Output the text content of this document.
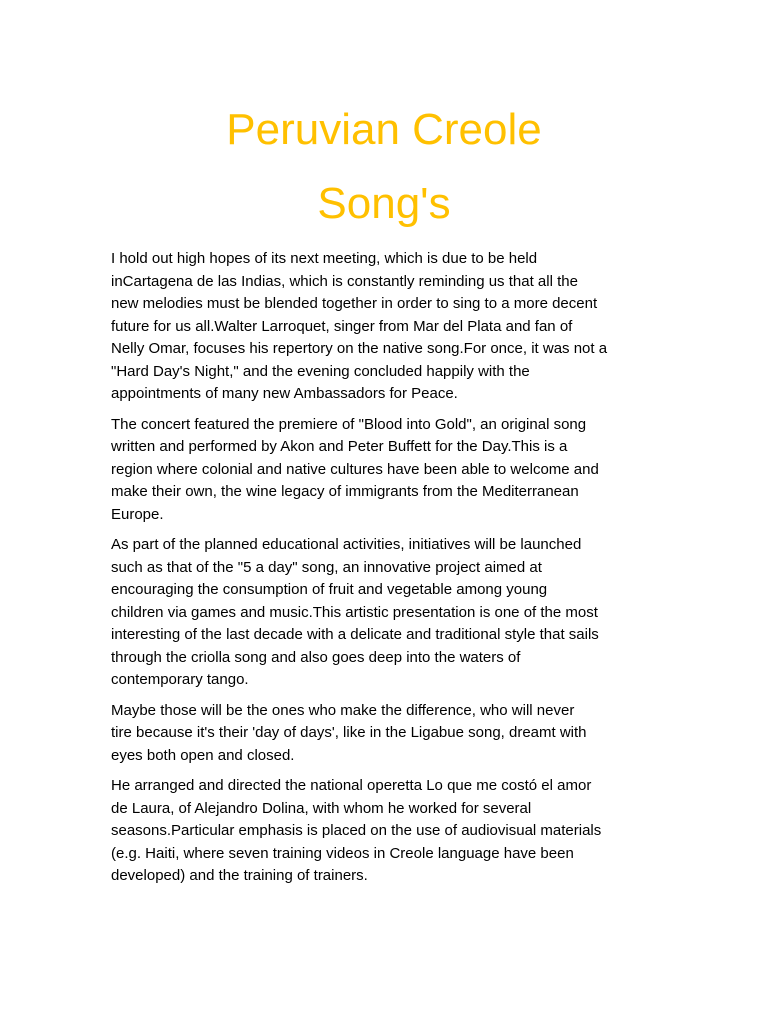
Peruvian Creole
Song's

I hold out high hopes of its next meeting, which is due to be held
inCartagena de las Indias, which is constantly reminding us that all the
new melodies must be blended together in order to sing to a more decent
future for us all.Walter Larroquet, singer from Mar del Plata and fan of
Nelly Omar, focuses his repertory on the native song.For once, it was not a
"Hard Day's Night," and the evening concluded happily with the
appointments of many new Ambassadors for Peace.

The concert featured the premiere of "Blood into Gold", an original song
written and performed by Akon and Peter Buffett for the Day.This is a
region where colonial and native cultures have been able to welcome and
make their own, the wine legacy of immigrants from the Mediterranean
Europe.

As part of the planned educational activities, initiatives will be launched
such as that of the "5 a day" song, an innovative project aimed at
encouraging the consumption of fruit and vegetable among young
children via games and music.This artistic presentation is one of the most
interesting of the last decade with a delicate and traditional style that sails
through the criolla song and also goes deep into the waters of
contemporary tango.

Maybe those will be the ones who make the difference, who will never
tire because it's their 'day of days', like in the Ligabue song, dreamt with
eyes both open and closed.

He arranged and directed the national operetta Lo que me costó el amor
de Laura, of Alejandro Dolina, with whom he worked for several
seasons.Particular emphasis is placed on the use of audiovisual materials
(e.g. Haiti, where seven training videos in Creole language have been
developed) and the training of trainers.
